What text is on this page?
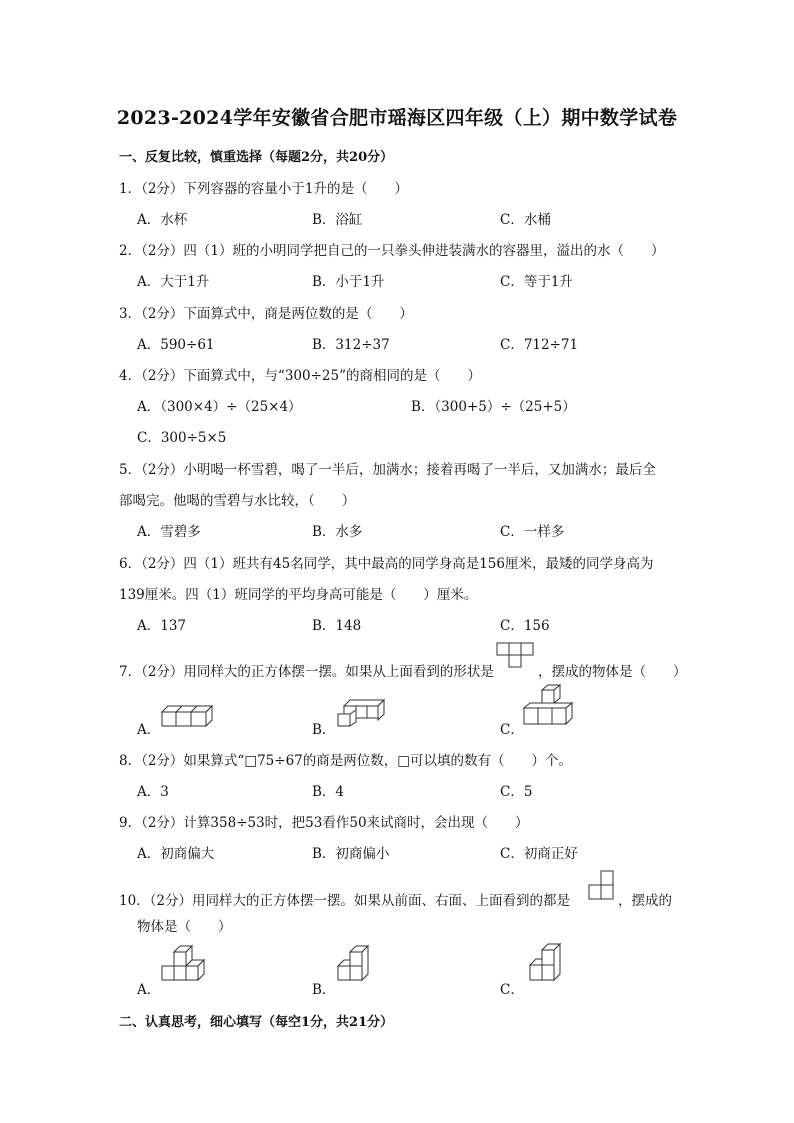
2023-2024学年安徽省合肥市瑶海区四年级（上）期中数学试卷
一、反复比较，慎重选择（每题2分，共20分）
1．（2分）下列容器的容量小于1升的是（　　）
A．水杯	B．浴缸	C．水桶
2．（2分）四（1）班的小明同学把自己的一只拳头伸进装满水的容器里，溢出的水（　　）
A．大于1升	B．小于1升	C．等于1升
3．（2分）下面算式中，商是两位数的是（　　）
A．590÷61	B．312÷37	C．712÷71
4．（2分）下面算式中，与“300÷25”的商相同的是（　　）
A．（300×4）÷（25×4）	B．（300+5）÷（25+5）
C．300÷5×5
5．（2分）小明喝一杯雪碧，喝了一半后，加满水；接着再喝了一半后，又加满水；最后全
部喝完。他喝的雪碧与水比较，（　　）
A．雪碧多	B．水多	C．一样多
6．（2分）四（1）班共有45名同学，其中最高的同学身高是156厘米，最矮的同学身高为
139厘米。四（1）班同学的平均身高可能是（　　）厘米。
A．137	B．148	C．156
7．（2分）用同样大的正方体摆一摆。如果从上面看到的形状是	，摆成的物体是（　　）
A．	B．	C．
8．（2分）如果算式“□75÷67的商是两位数，□可以填的数有（　　）个。
A．3	B．4	C．5
9．（2分）计算358÷53时，把53看作50来试商时，会出现（　　）
A．初商偏大	B．初商偏小	C．初商正好
10．（2分）用同样大的正方体摆一摆。如果从前面、右面、上面看到的都是	，摆成的
物体是（　　）
A．	B．	C．
二、认真思考，细心填写（每空1分，共21分）
